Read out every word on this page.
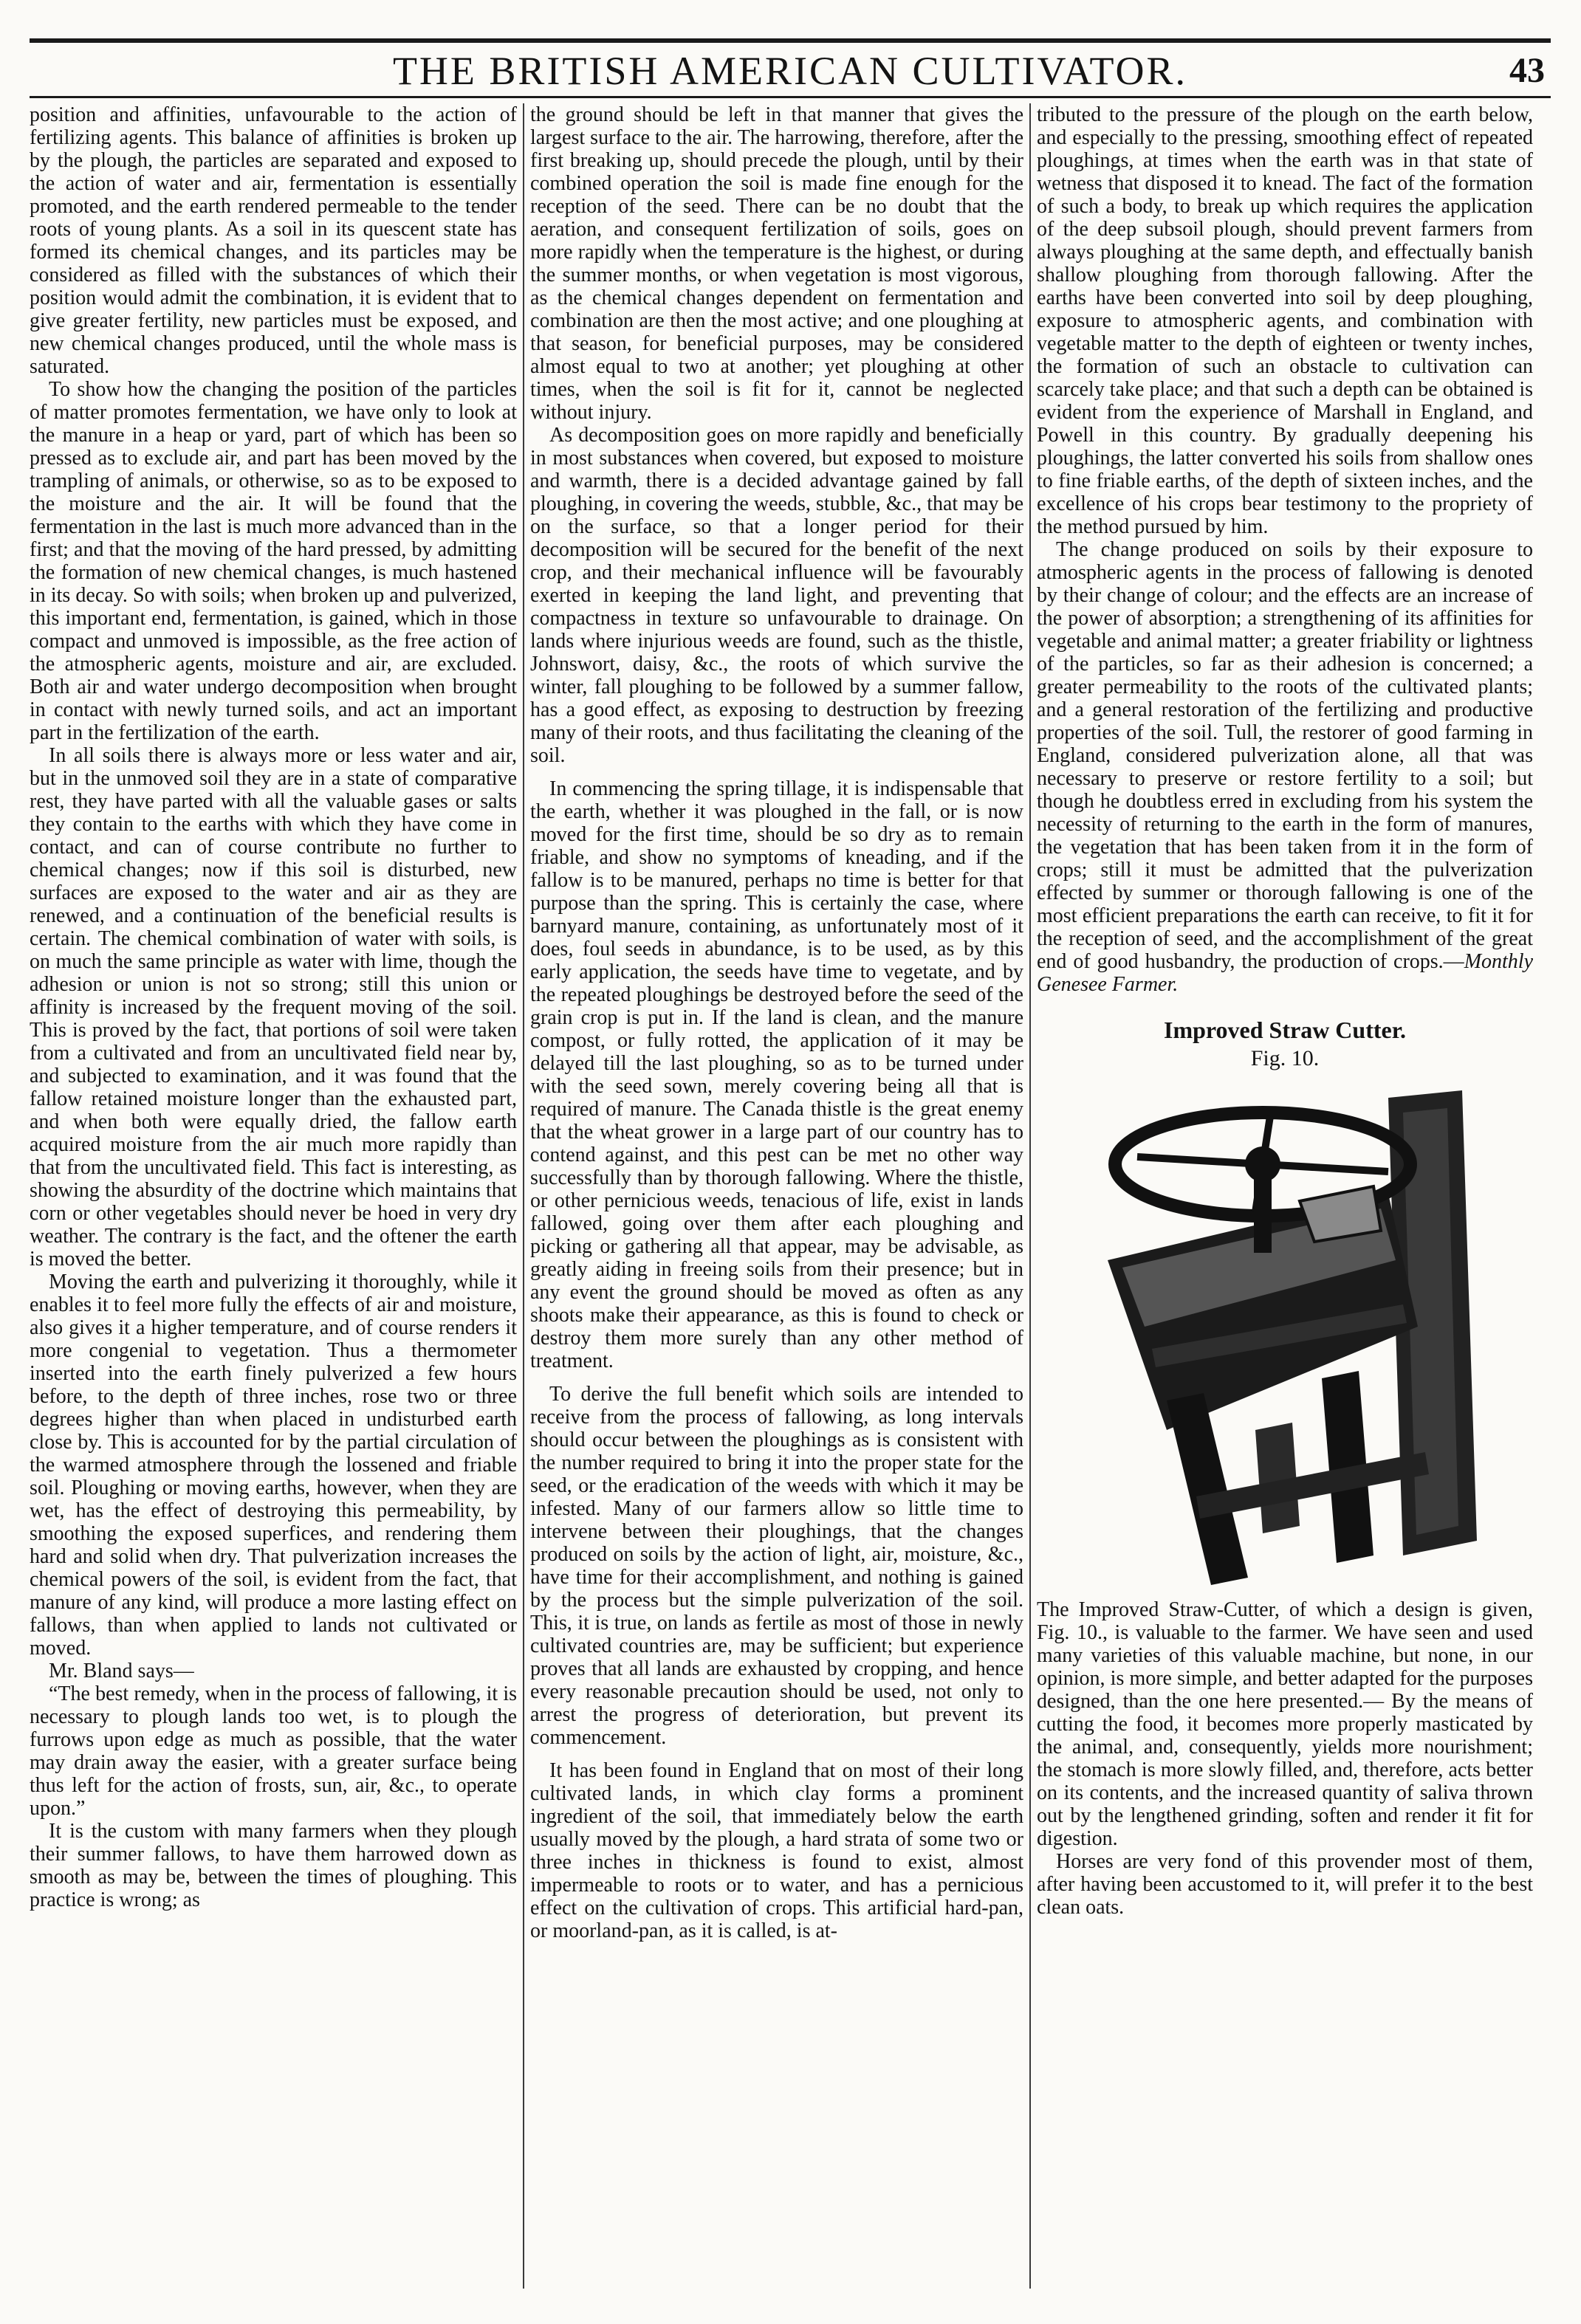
THE BRITISH AMERICAN CULTIVATOR.	43

position and affinities, unfavourable to the action of fertilizing agents. This balance of affinities is broken up by the plough, the particles are separated and exposed to the action of water and air, fermentation is essentially promoted, and the earth rendered permeable to the tender roots of young plants. As a soil in its quescent state has formed its chemical changes, and its particles may be considered as filled with the substances of which their position would admit the combination, it is evident that to give greater fertility, new particles must be exposed, and new chemical changes produced, until the whole mass is saturated.

To show how the changing the position of the particles of matter promotes fermentation, we have only to look at the manure in a heap or yard, part of which has been so pressed as to exclude air, and part has been moved by the trampling of animals, or otherwise, so as to be exposed to the moisture and the air. It will be found that the fermentation in the last is much more advanced than in the first; and that the moving of the hard pressed, by admitting the formation of new chemical changes, is much hastened in its decay. So with soils; when broken up and pulverized, this important end, fermentation, is gained, which in those compact and unmoved is impossible, as the free action of the atmospheric agents, moisture and air, are excluded. Both air and water undergo decomposition when brought in contact with newly turned soils, and act an important part in the fertilization of the earth.

In all soils there is always more or less water and air, but in the unmoved soil they are in a state of comparative rest, they have parted with all the valuable gases or salts they contain to the earths with which they have come in contact, and can of course contribute no further to chemical changes; now if this soil is disturbed, new surfaces are exposed to the water and air as they are renewed, and a continuation of the beneficial results is certain. The chemical combination of water with soils, is on much the same principle as water with lime, though the adhesion or union is not so strong; still this union or affinity is increased by the frequent moving of the soil. This is proved by the fact, that portions of soil were taken from a cultivated and from an uncultivated field near by, and subjected to examination, and it was found that the fallow retained moisture longer than the exhausted part, and when both were equally dried, the fallow earth acquired moisture from the air much more rapidly than that from the uncultivated field. This fact is interesting, as showing the absurdity of the doctrine which maintains that corn or other vegetables should never be hoed in very dry weather. The contrary is the fact, and the oftener the earth is moved the better.

Moving the earth and pulverizing it thoroughly, while it enables it to feel more fully the effects of air and moisture, also gives it a higher temperature, and of course renders it more congenial to vegetation. Thus a thermometer inserted into the earth finely pulverized a few hours before, to the depth of three inches, rose two or three degrees higher than when placed in undisturbed earth close by. This is accounted for by the partial circulation of the warmed atmosphere through the lossened and friable soil. Ploughing or moving earths, however, when they are wet, has the effect of destroying this permeability, by smoothing the exposed superfices, and rendering them hard and solid when dry. That pulverization increases the chemical powers of the soil, is evident from the fact, that manure of any kind, will produce a more lasting effect on fallows, than when applied to lands not cultivated or moved.

Mr. Bland says—

“The best remedy, when in the process of fallowing, it is necessary to plough lands too wet, is to plough the furrows upon edge as much as possible, that the water may drain away the easier, with a greater surface being thus left for the action of frosts, sun, air, &c., to operate upon.”

It is the custom with many farmers when they plough their summer fallows, to have them harrowed down as smooth as may be, between the times of ploughing. This practice is wrong; as

the ground should be left in that manner that gives the largest surface to the air. The harrowing, therefore, after the first breaking up, should precede the plough, until by their combined operation the soil is made fine enough for the reception of the seed. There can be no doubt that the aeration, and consequent fertilization of soils, goes on more rapidly when the temperature is the highest, or during the summer months, or when vegetation is most vigorous, as the chemical changes dependent on fermentation and combination are then the most active; and one ploughing at that season, for beneficial purposes, may be considered almost equal to two at another; yet ploughing at other times, when the soil is fit for it, cannot be neglected without injury.

As decomposition goes on more rapidly and beneficially in most substances when covered, but exposed to moisture and warmth, there is a decided advantage gained by fall ploughing, in covering the weeds, stubble, &c., that may be on the surface, so that a longer period for their decomposition will be secured for the benefit of the next crop, and their mechanical influence will be favourably exerted in keeping the land light, and preventing that compactness in texture so unfavourable to drainage. On lands where injurious weeds are found, such as the thistle, Johnswort, daisy, &c., the roots of which survive the winter, fall ploughing to be followed by a summer fallow, has a good effect, as exposing to destruction by freezing many of their roots, and thus facilitating the cleaning of the soil.

In commencing the spring tillage, it is indispensable that the earth, whether it was ploughed in the fall, or is now moved for the first time, should be so dry as to remain friable, and show no symptoms of kneading, and if the fallow is to be manured, perhaps no time is better for that purpose than the spring. This is certainly the case, where barnyard manure, containing, as unfortunately most of it does, foul seeds in abundance, is to be used, as by this early application, the seeds have time to vegetate, and by the repeated ploughings be destroyed before the seed of the grain crop is put in. If the land is clean, and the manure compost, or fully rotted, the application of it may be delayed till the last ploughing, so as to be turned under with the seed sown, merely covering being all that is required of manure. The Canada thistle is the great enemy that the wheat grower in a large part of our country has to contend against, and this pest can be met no other way successfully than by thorough fallowing. Where the thistle, or other pernicious weeds, tenacious of life, exist in lands fallowed, going over them after each ploughing and picking or gathering all that appear, may be advisable, as greatly aiding in freeing soils from their presence; but in any event the ground should be moved as often as any shoots make their appearance, as this is found to check or destroy them more surely than any other method of treatment.

To derive the full benefit which soils are intended to receive from the process of fallowing, as long intervals should occur between the ploughings as is consistent with the number required to bring it into the proper state for the seed, or the eradication of the weeds with which it may be infested. Many of our farmers allow so little time to intervene between their ploughings, that the changes produced on soils by the action of light, air, moisture, &c., have time for their accomplishment, and nothing is gained by the process but the simple pulverization of the soil. This, it is true, on lands as fertile as most of those in newly cultivated countries are, may be sufficient; but experience proves that all lands are exhausted by cropping, and hence every reasonable precaution should be used, not only to arrest the progress of deterioration, but prevent its commencement.

It has been found in England that on most of their long cultivated lands, in which clay forms a prominent ingredient of the soil, that immediately below the earth usually moved by the plough, a hard strata of some two or three inches in thickness is found to exist, almost impermeable to roots or to water, and has a pernicious effect on the cultivation of crops. This artificial hard-pan, or moorland-pan, as it is called, is at-

tributed to the pressure of the plough on the earth below, and especially to the pressing, smoothing effect of repeated ploughings, at times when the earth was in that state of wetness that disposed it to knead. The fact of the formation of such a body, to break up which requires the application of the deep subsoil plough, should prevent farmers from always ploughing at the same depth, and effectually banish shallow ploughing from thorough fallowing. After the earths have been converted into soil by deep ploughing, exposure to atmospheric agents, and combination with vegetable matter to the depth of eighteen or twenty inches, the formation of such an obstacle to cultivation can scarcely take place; and that such a depth can be obtained is evident from the experience of Marshall in England, and Powell in this country. By gradually deepening his ploughings, the latter converted his soils from shallow ones to fine friable earths, of the depth of sixteen inches, and the excellence of his crops bear testimony to the propriety of the method pursued by him.

The change produced on soils by their exposure to atmospheric agents in the process of fallowing is denoted by their change of colour; and the effects are an increase of the power of absorption; a strengthening of its affinities for vegetable and animal matter; a greater friability or lightness of the particles, so far as their adhesion is concerned; a greater permeability to the roots of the cultivated plants; and a general restoration of the fertilizing and productive properties of the soil. Tull, the restorer of good farming in England, considered pulverization alone, all that was necessary to preserve or restore fertility to a soil; but though he doubtless erred in excluding from his system the necessity of returning to the earth in the form of manures, the vegetation that has been taken from it in the form of crops; still it must be admitted that the pulverization effected by summer or thorough fallowing is one of the most efficient preparations the earth can receive, to fit it for the reception of seed, and the accomplishment of the great end of good husbandry, the production of crops.—Monthly Genesee Farmer.

Improved Straw Cutter.
Fig. 10.

The Improved Straw-Cutter, of which a design is given, Fig. 10., is valuable to the farmer. We have seen and used many varieties of this valuable machine, but none, in our opinion, is more simple, and better adapted for the purposes designed, than the one here presented.— By the means of cutting the food, it becomes more properly masticated by the animal, and, consequently, yields more nourishment; the stomach is more slowly filled, and, therefore, acts better on its contents, and the increased quantity of saliva thrown out by the lengthened grinding, soften and render it fit for digestion.

Horses are very fond of this provender most of them, after having been accustomed to it, will prefer it to the best clean oats.
